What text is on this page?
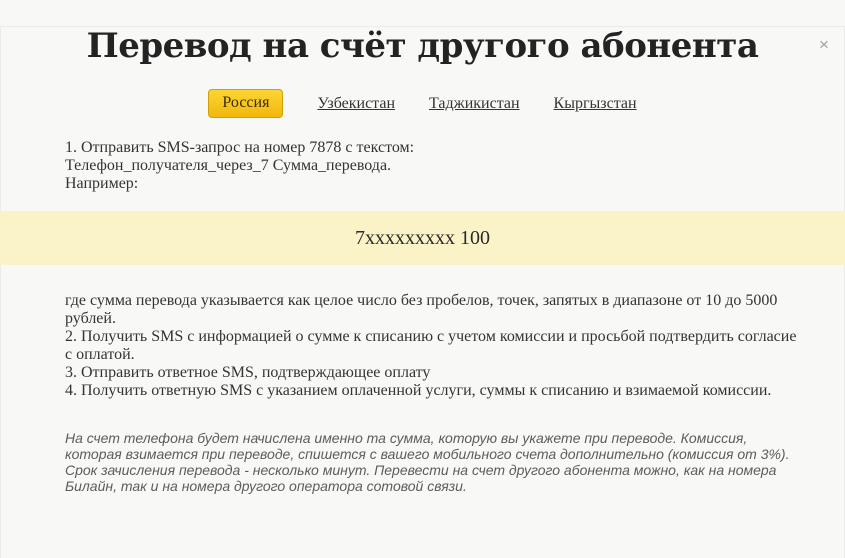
×
Перевод на счёт другого абонента
Россия	Узбекистан Таджикистан Кыргызстан
1. Отправить SMS-запрос на номер 7878 с текстом:
Телефон_получателя_через_7 Сумма_перевода.
Например:
7xxxxxxxxx 100
где сумма перевода указывается как целое число без пробелов, точек, запятых в диапазоне от 10 до 5000 рублей.
2. Получить SMS с информацией о сумме к списанию с учетом комиссии и просьбой подтвердить согласие с оплатой.
3. Отправить ответное SMS, подтверждающее оплату
4. Получить ответную SMS с указанием оплаченной услуги, суммы к списанию и взимаемой комиссии.

На счет телефона будет начислена именно та сумма, которую вы укажете при переводе. Комиссия, которая взимается при переводе, спишется с вашего мобильного счета дополнительно (комиссия от 3%). Срок зачисления перевода - несколько минут. Перевести на счет другого абонента можно, как на номера Билайн, так и на номера другого оператора сотовой связи.
